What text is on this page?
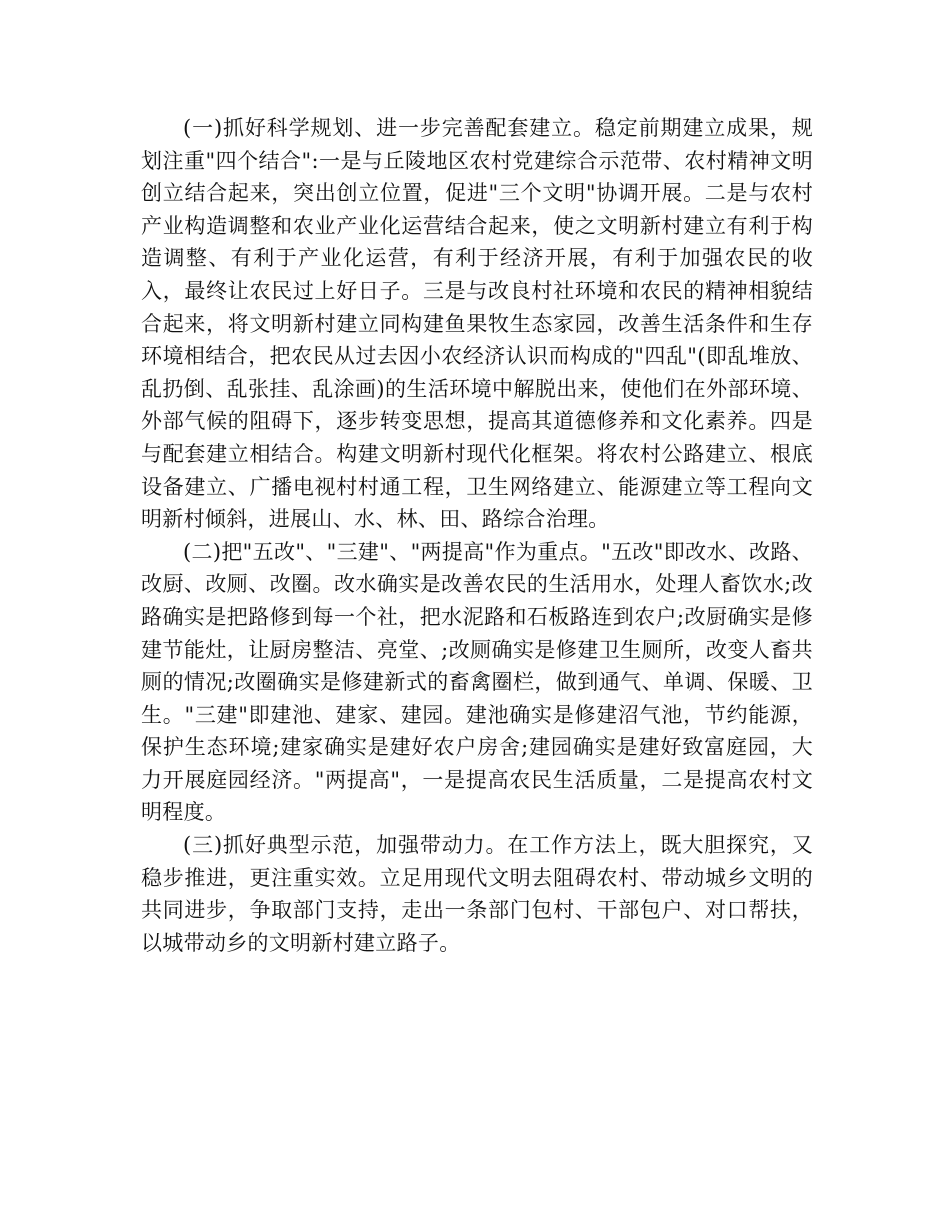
(一)抓好科学规划、进一步完善配套建立。稳定前期建立成果，规划注重"四个结合":一是与丘陵地区农村党建综合示范带、农村精神文明创立结合起来，突出创立位置，促进"三个文明"协调开展。二是与农村产业构造调整和农业产业化运营结合起来，使之文明新村建立有利于构造调整、有利于产业化运营，有利于经济开展，有利于加强农民的收入，最终让农民过上好日子。三是与改良村社环境和农民的精神相貌结合起来，将文明新村建立同构建鱼果牧生态家园，改善生活条件和生存环境相结合，把农民从过去因小农经济认识而构成的"四乱"(即乱堆放、乱扔倒、乱张挂、乱涂画)的生活环境中解脱出来，使他们在外部环境、外部气候的阻碍下，逐步转变思想，提高其道德修养和文化素养。四是与配套建立相结合。构建文明新村现代化框架。将农村公路建立、根底设备建立、广播电视村村通工程，卫生网络建立、能源建立等工程向文明新村倾斜，进展山、水、林、田、路综合治理。

(二)把"五改"、"三建"、"两提高"作为重点。"五改"即改水、改路、改厨、改厕、改圈。改水确实是改善农民的生活用水，处理人畜饮水;改路确实是把路修到每一个社，把水泥路和石板路连到农户;改厨确实是修建节能灶，让厨房整洁、亮堂、;改厕确实是修建卫生厕所，改变人畜共厕的情况;改圈确实是修建新式的畜禽圈栏，做到通气、单调、保暖、卫生。"三建"即建池、建家、建园。建池确实是修建沼气池，节约能源，保护生态环境;建家确实是建好农户房舍;建园确实是建好致富庭园，大力开展庭园经济。"两提高"，一是提高农民生活质量，二是提高农村文明程度。

(三)抓好典型示范，加强带动力。在工作方法上，既大胆探究，又稳步推进，更注重实效。立足用现代文明去阻碍农村、带动城乡文明的共同进步，争取部门支持，走出一条部门包村、干部包户、对口帮扶，以城带动乡的文明新村建立路子。
